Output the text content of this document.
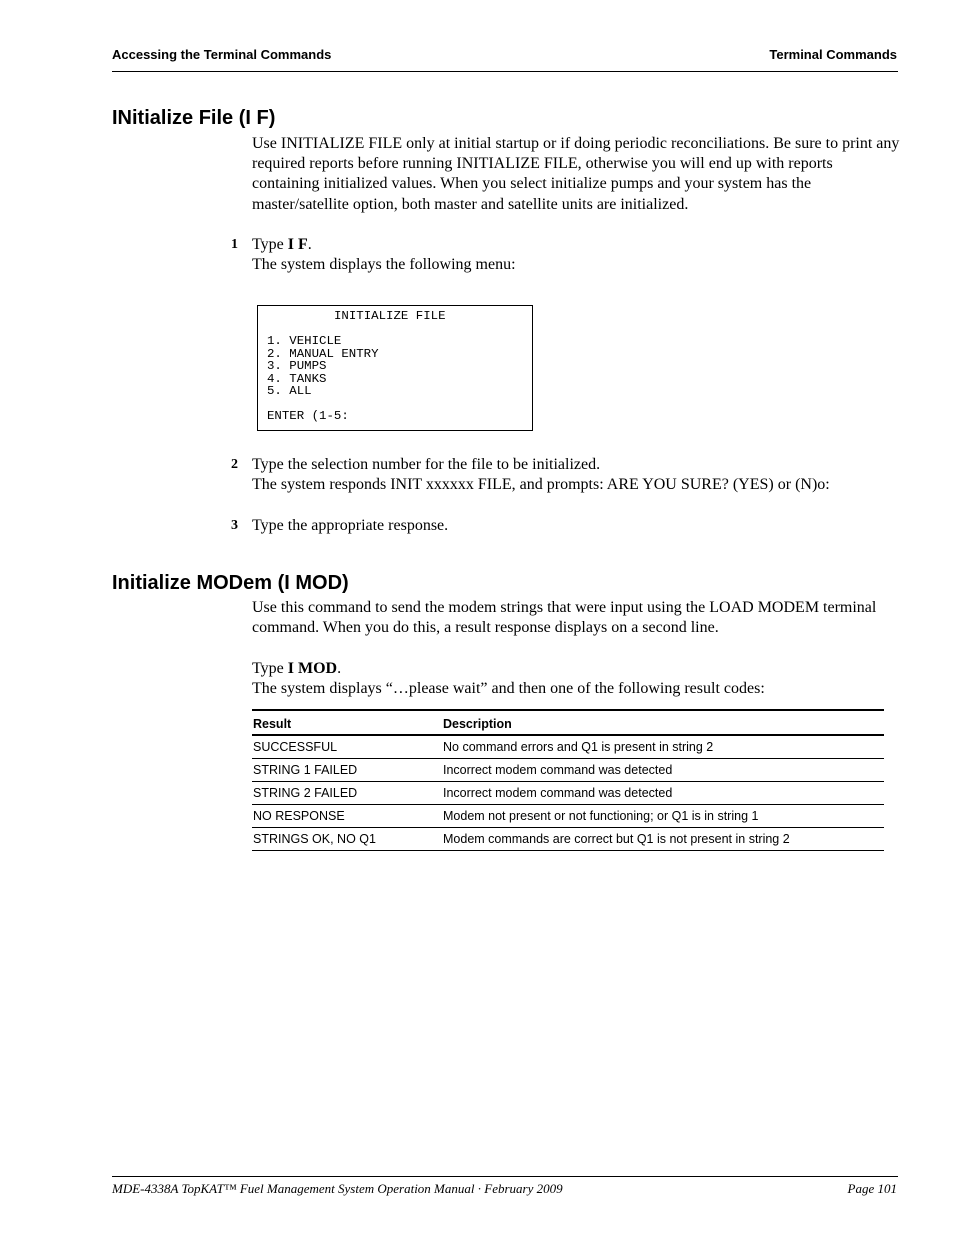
Accessing the Terminal Commands	Terminal Commands
INitialize File (I F)
Use INITIALIZE FILE only at initial startup or if doing periodic reconciliations. Be sure to print any required reports before running INITIALIZE FILE, otherwise you will end up with reports containing initialized values. When you select initialize pumps and your system has the master/satellite option, both master and satellite units are initialized.
1 Type I F.
The system displays the following menu:
INITIALIZE FILE
1. VEHICLE
2. MANUAL ENTRY
3. PUMPS
4. TANKS
5. ALL
ENTER (1-5:
2 Type the selection number for the file to be initialized.
The system responds INIT xxxxxx FILE, and prompts: ARE YOU SURE? (YES) or (N)o:
3 Type the appropriate response.
Initialize MODem (I MOD)
Use this command to send the modem strings that were input using the LOAD MODEM terminal command. When you do this, a result response displays on a second line.
Type I MOD.
The system displays “…please wait” and then one of the following result codes:
Result	Description
SUCCESSFUL	No command errors and Q1 is present in string 2
STRING 1 FAILED	Incorrect modem command was detected
STRING 2 FAILED	Incorrect modem command was detected
NO RESPONSE	Modem not present or not functioning; or Q1 is in string 1
STRINGS OK, NO Q1	Modem commands are correct but Q1 is not present in string 2
MDE-4338A TopKAT™ Fuel Management System Operation Manual · February 2009	Page 101
